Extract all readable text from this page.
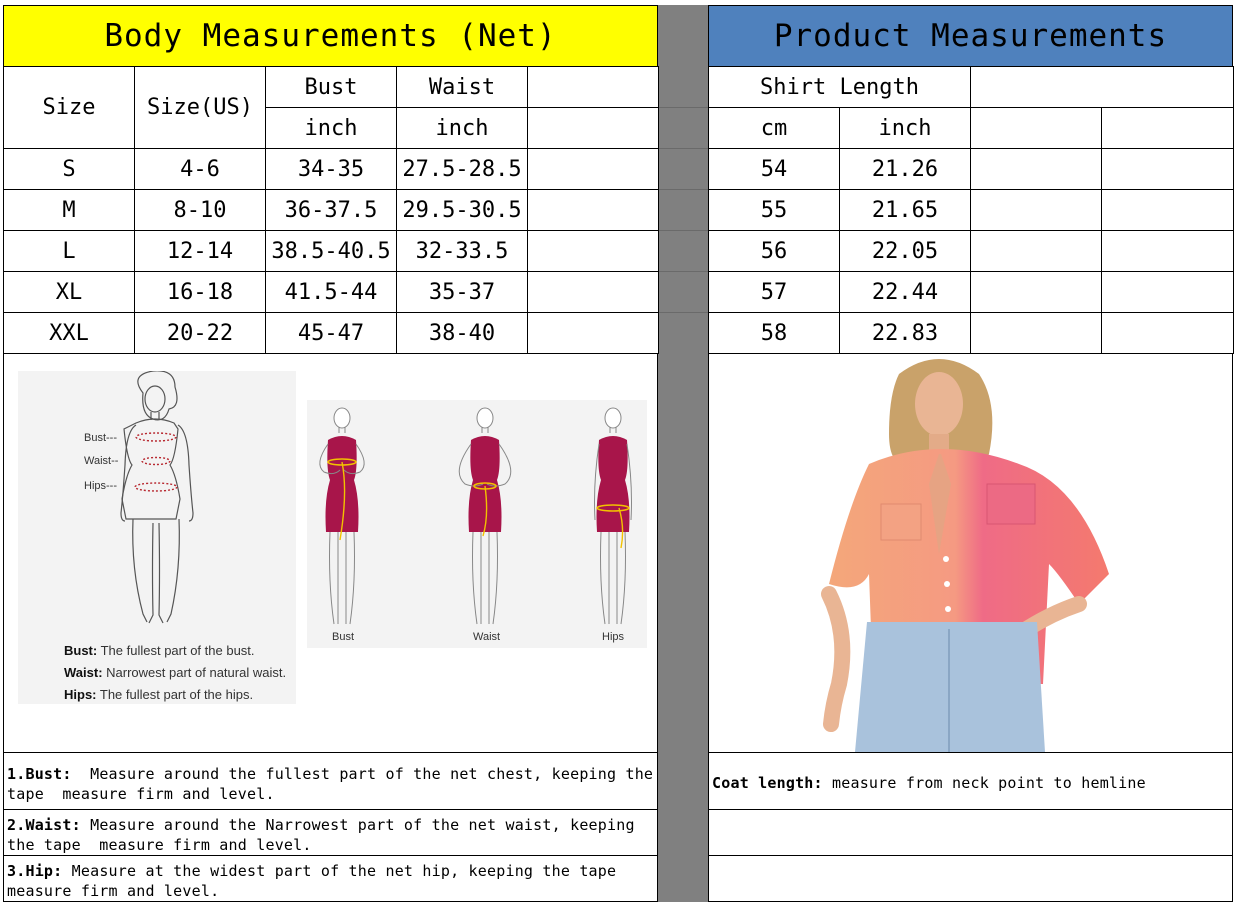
Body Measurements (Net)	Product Measurements
Size	Size(US)	Bust	Waist	
		inch	inch	
S	4-6	34-35	27.5-28.5	
M	8-10	36-37.5	29.5-30.5	
L	12-14	38.5-40.5	32-33.5	
XL	16-18	41.5-44	35-37	
XXL	20-22	45-47	38-40	
Shirt Length			
cm	inch		
54	21.26		
55	21.65		
56	22.05		
57	22.44		
58	22.83		
Bust---
Waist--
Hips---
Bust: The fullest part of the bust.
Waist: Narrowest part of natural waist.
Hips: The fullest part of the hips.
Bust	Waist	Hips
1.Bust:  Measure around the fullest part of the net chest, keeping the tape  measure firm and level.
2.Waist: Measure around the Narrowest part of the net waist, keeping the tape  measure firm and level.
3.Hip: Measure at the widest part of the net hip, keeping the tape measure firm and level.
Coat length: measure from neck point to hemline
